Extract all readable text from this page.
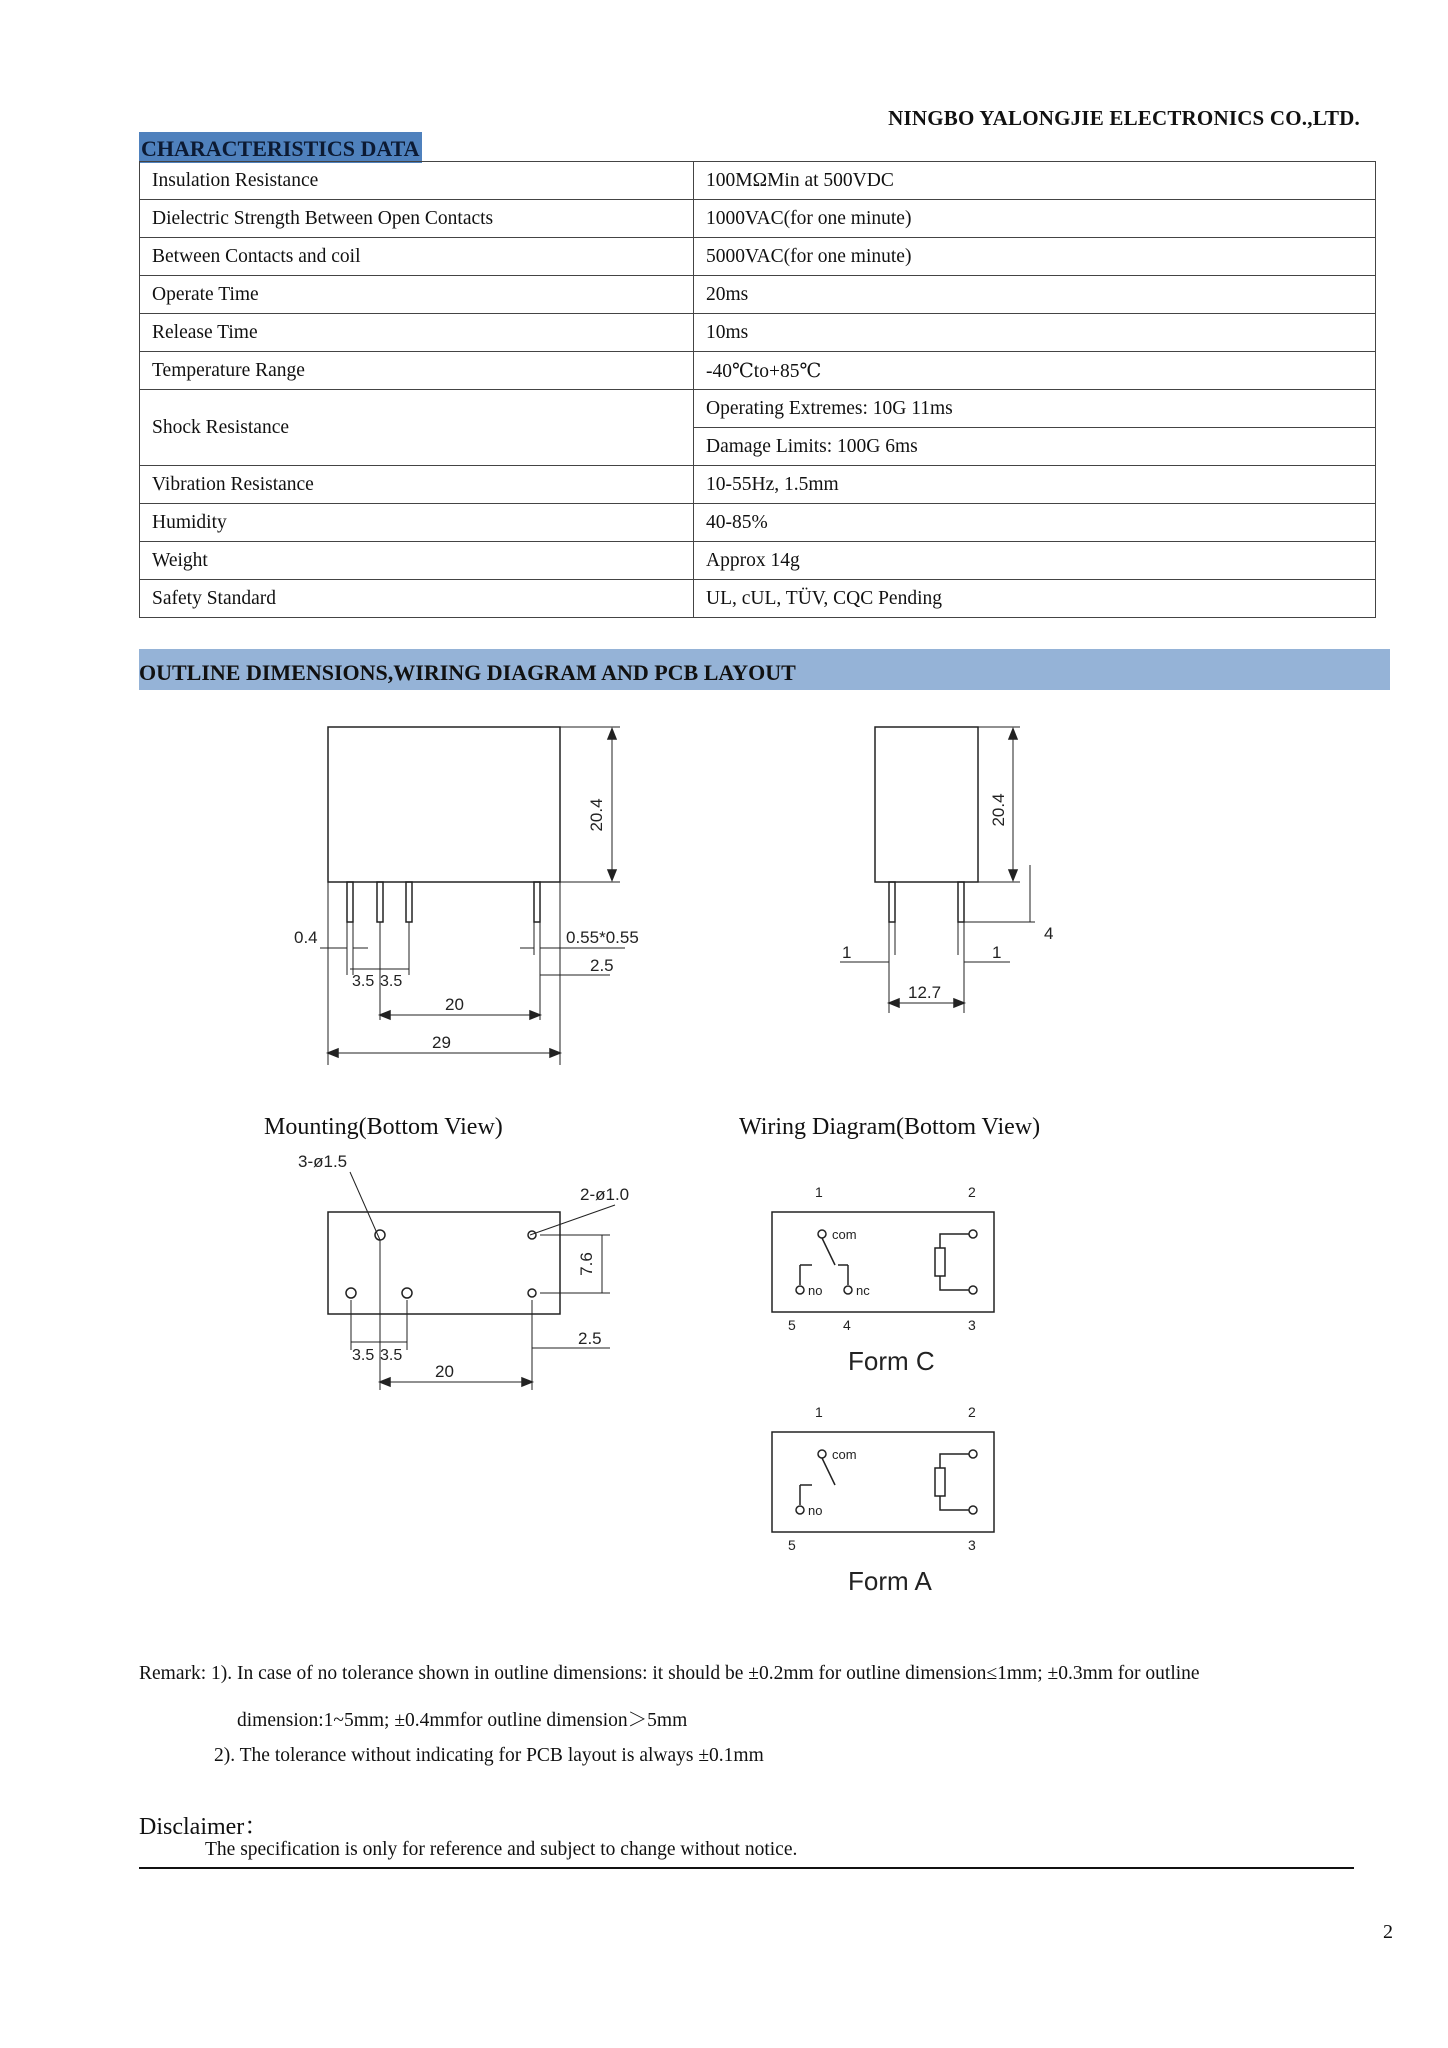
NINGBO YALONGJIE ELECTRONICS CO.,LTD.
CHARACTERISTICS DATA
Insulation Resistance	100MΩMin at 500VDC
Dielectric Strength Between Open Contacts	1000VAC(for one minute)
Between Contacts and coil	5000VAC(for one minute)
Operate Time	20ms
Release Time	10ms
Temperature Range	-40℃to+85℃
Shock Resistance	Operating Extremes: 10G 11ms
	Damage Limits: 100G 6ms
Vibration Resistance	10-55Hz, 1.5mm
Humidity	40-85%
Weight	Approx 14g
Safety Standard	UL, cUL, TÜV, CQC Pending
OUTLINE DIMENSIONS,WIRING DIAGRAM AND PCB LAYOUT
20.4
0.4	0.55*0.55
3.5 3.5
2.5
20
29
20.4
4
1	1
12.7
Mounting(Bottom View)	Wiring Diagram(Bottom View)
3-ø1.5
2-ø1.0
7.6
3.5 3.5
2.5
20
1	2
com
no	nc
5	4	3
Form C
1	2
com
no
5	3
Form A
Remark: 1). In case of no tolerance shown in outline dimensions: it should be ±0.2mm for outline dimension≤1mm; ±0.3mm for outline
dimension:1~5mm; ±0.4mmfor outline dimension＞5mm
2). The tolerance without indicating for PCB layout is always ±0.1mm
Disclaimer：
The specification is only for reference and subject to change without notice.
2
